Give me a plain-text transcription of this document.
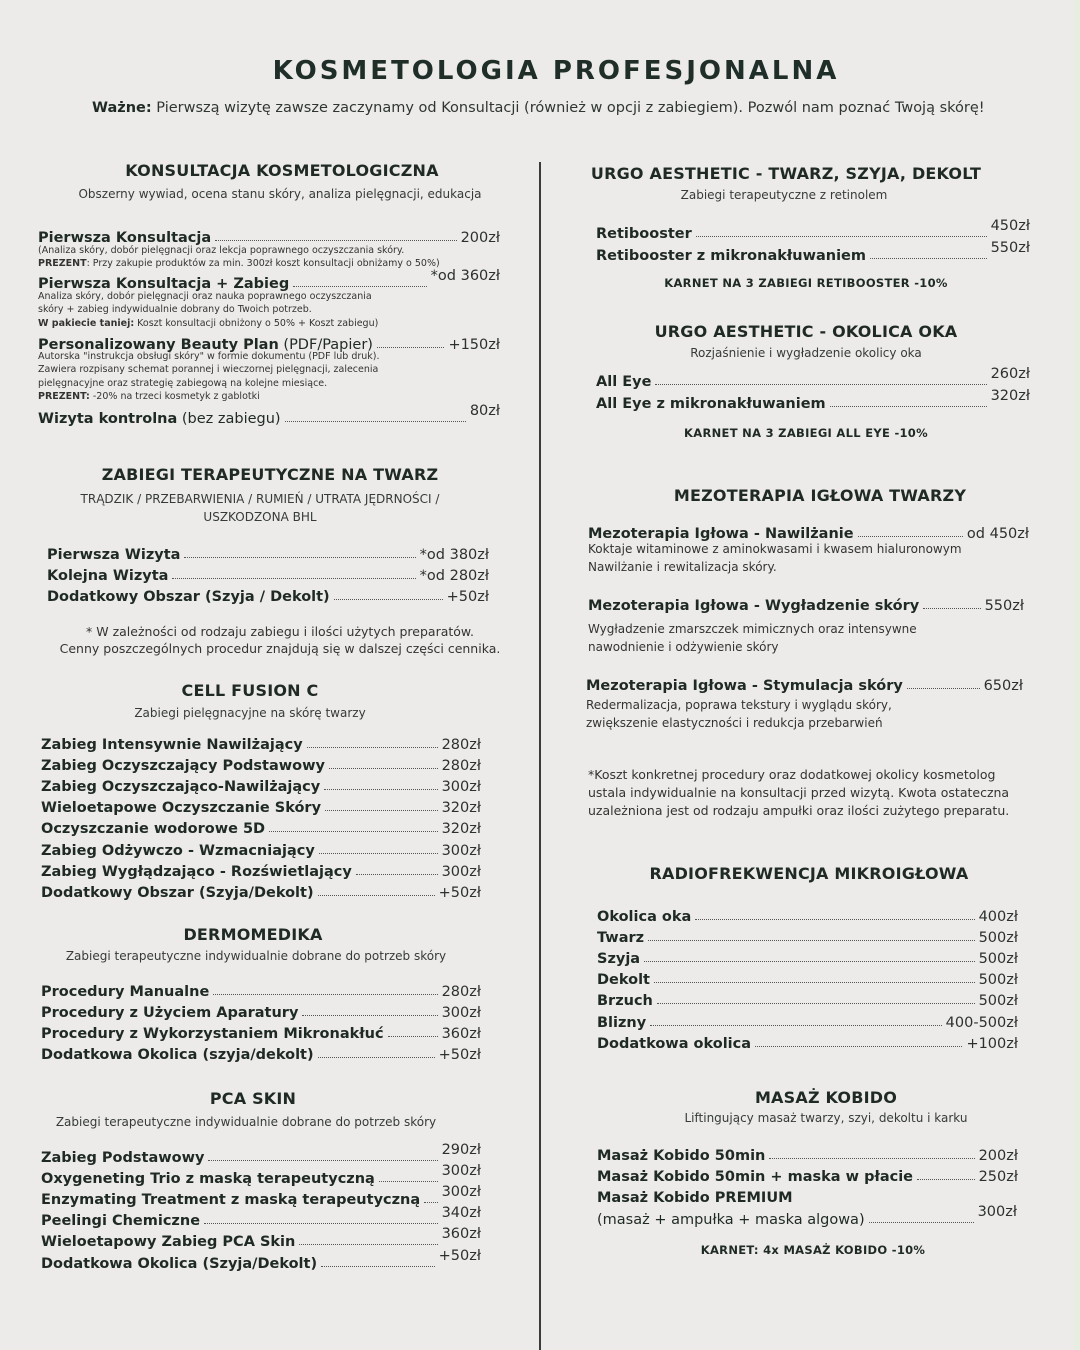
KOSMETOLOGIA PROFESJONALNA
Ważne: Pierwszą wizytę zawsze zaczynamy od Konsultacji (również w opcji z zabiegiem). Pozwól nam poznać Twoją skórę!
KONSULTACJA KOSMETOLOGICZNA
Obszerny wywiad, ocena stanu skóry, analiza pielęgnacji, edukacja
Pierwsza Konsultacja	200zł
(Analiza skóry, dobór pielęgnacji oraz lekcja poprawnego oczyszczania skóry.
PREZENT: Przy zakupie produktów za min. 300zł koszt konsultacji obniżamy o 50%)
Pierwsza Konsultacja + Zabieg	*od 360zł
Analiza skóry, dobór pielęgnacji oraz nauka poprawnego oczyszczania
skóry + zabieg indywidualnie dobrany do Twoich potrzeb.
W pakiecie taniej: Koszt konsultacji obniżony o 50% + Koszt zabiegu)
Personalizowany Beauty Plan (PDF/Papier)	+150zł
Autorska "instrukcja obsługi skóry" w formie dokumentu (PDF lub druk).
Zawiera rozpisany schemat porannej i wieczornej pielęgnacji, zalecenia
pielęgnacyjne oraz strategię zabiegową na kolejne miesiące.
PREZENT: -20% na trzeci kosmetyk z gablotki
Wizyta kontrolna (bez zabiegu)	80zł
ZABIEGI TERAPEUTYCZNE NA TWARZ
TRĄDZIK / PRZEBARWIENIA / RUMIEŃ / UTRATA JĘDRNOŚCI /
USZKODZONA BHL
Pierwsza Wizyta	*od 380zł
Kolejna Wizyta	*od 280zł
Dodatkowy Obszar (Szyja / Dekolt)	+50zł
* W zależności od rodzaju zabiegu i ilości użytych preparatów.
Cenny poszczególnych procedur znajdują się w dalszej części cennika.
CELL FUSION C
Zabiegi pielęgnacyjne na skórę twarzy
Zabieg Intensywnie Nawilżający	280zł
Zabieg Oczyszczający Podstawowy	280zł
Zabieg Oczyszczająco-Nawilżający	300zł
Wieloetapowe Oczyszczanie Skóry	320zł
Oczyszczanie wodorowe 5D	320zł
Zabieg Odżywczo - Wzmacniający	300zł
Zabieg Wygłądzająco - Rozświetlający	300zł
Dodatkowy Obszar (Szyja/Dekolt)	+50zł
DERMOMEDIKA
Zabiegi terapeutyczne indywidualnie dobrane do potrzeb skóry
Procedury Manualne	280zł
Procedury z Użyciem Aparatury	300zł
Procedury z Wykorzystaniem Mikronakłuć	360zł
Dodatkowa Okolica (szyja/dekolt)	+50zł
PCA SKIN
Zabiegi terapeutyczne indywidualnie dobrane do potrzeb skóry
Zabieg Podstawowy	290zł
Oxygeneting Trio z maską terapeutyczną	300zł
Enzymating Treatment z maską terapeutyczną 300zł
Peelingi Chemiczne	340zł
Wieloetapowy Zabieg PCA Skin	360zł
Dodatkowa Okolica (Szyja/Dekolt)	+50zł
URGO AESTHETIC - TWARZ, SZYJA, DEKOLT
Zabiegi terapeutyczne z retinolem
Retibooster	450zł
Retibooster z mikronakłuwaniem	550zł
KARNET NA 3 ZABIEGI RETIBOOSTER -10%
URGO AESTHETIC - OKOLICA OKA
Rozjaśnienie i wygładzenie okolicy oka
All Eye	260zł
All Eye z mikronakłuwaniem	320zł
KARNET NA 3 ZABIEGI ALL EYE -10%
MEZOTERAPIA IGŁOWA TWARZY
Mezoterapia Igłowa - Nawilżanie	od 450zł
Koktaje witaminowe z aminokwasami i kwasem hialuronowym
Nawilżanie i rewitalizacja skóry.
Mezoterapia Igłowa - Wygładzenie skóry	550zł
Wygładzenie zmarszczek mimicznych oraz intensywne
nawodnienie i odżywienie skóry
Mezoterapia Igłowa - Stymulacja skóry	650zł
Redermalizacja, poprawa tekstury i wyglądu skóry,
zwiększenie elastyczności i redukcja przebarwień
*Koszt konkretnej procedury oraz dodatkowej okolicy kosmetolog
ustala indywidualnie na konsultacji przed wizytą. Kwota ostateczna
uzależniona jest od rodzaju ampułki oraz ilości zużytego preparatu.
RADIOFREKWENCJA MIKROIGŁOWA
Okolica oka	400zł
Twarz	500zł
Szyja	500zł
Dekolt	500zł
Brzuch	500zł
Blizny	400-500zł
Dodatkowa okolica	+100zł
MASAŻ KOBIDO
Liftingujący masaż twarzy, szyi, dekoltu i karku
Masaż Kobido 50min	200zł
Masaż Kobido 50min + maska w płacie	250zł
Masaż Kobido PREMIUM
(masaż + ampułka + maska algowa)	300zł
KARNET: 4x MASAŻ KOBIDO -10%
